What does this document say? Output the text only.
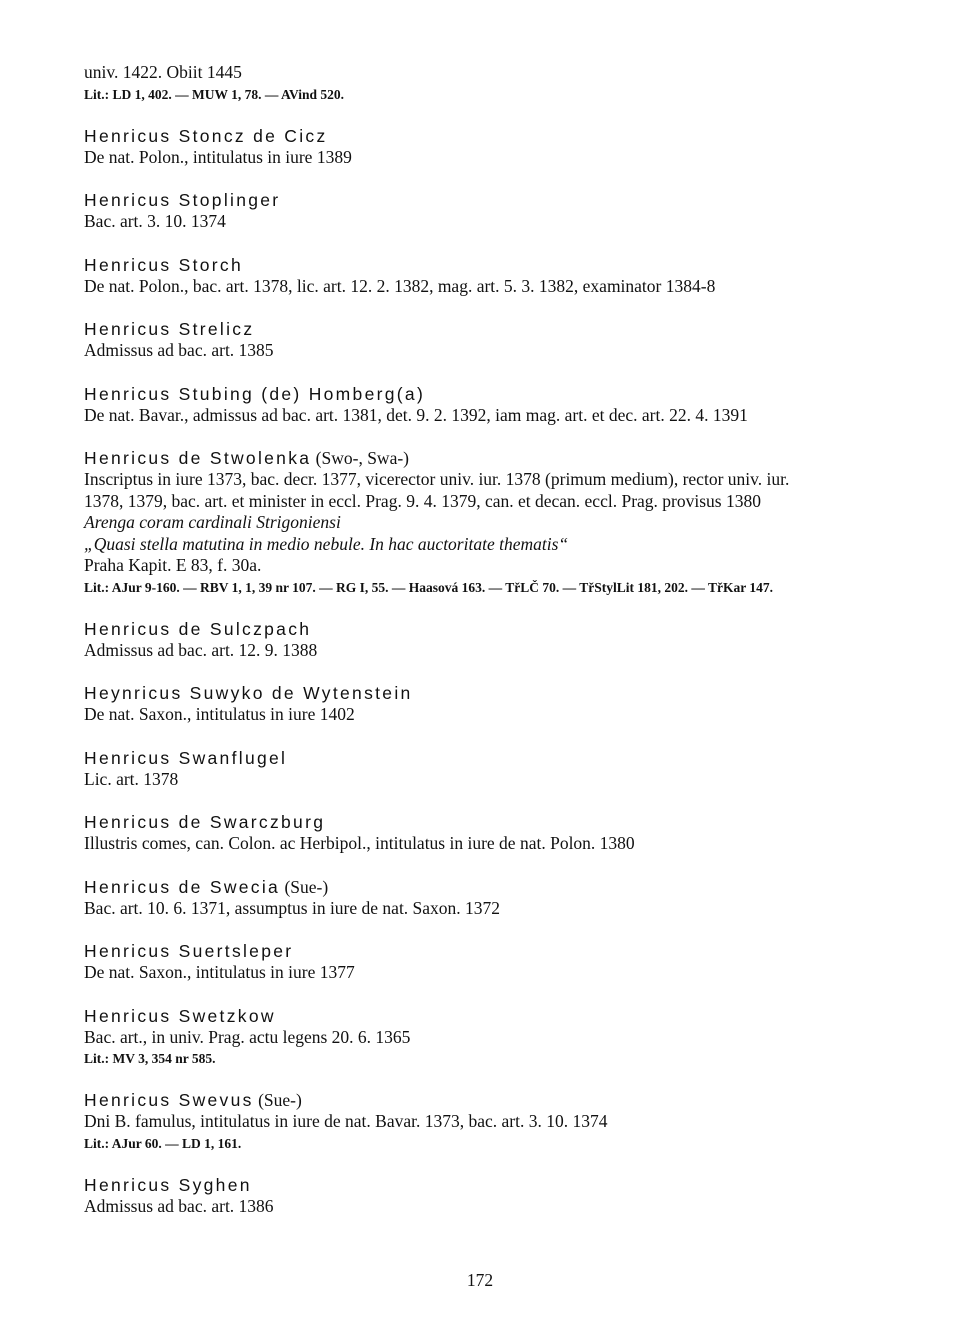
univ. 1422. Obiit 1445
Lit.: LD 1, 402. — MUW 1, 78. — AVind 520.
Henricus Stoncz de Cicz
De nat. Polon., intitulatus in iure 1389
Henricus Stoplinger
Bac. art. 3. 10. 1374
Henricus Storch
De nat. Polon., bac. art. 1378, lic. art. 12. 2. 1382, mag. art. 5. 3. 1382, examinator 1384-8
Henricus Strelicz
Admissus ad bac. art. 1385
Henricus Stubing (de) Homberg(a)
De nat. Bavar., admissus ad bac. art. 1381, det. 9. 2. 1392, iam mag. art. et dec. art. 22. 4. 1391
Henricus de Stwolenka (Swo-, Swa-)
Inscriptus in iure 1373, bac. decr. 1377, vicerector univ. iur. 1378 (primum medium), rector univ. iur.
1378, 1379, bac. art. et minister in eccl. Prag. 9. 4. 1379, can. et decan. eccl. Prag. provisus 1380
Arenga coram cardinali Strigoniensi
„Quasi stella matutina in medio nebule. In hac auctoritate thematis“
Praha Kapit. E 83, f. 30a.
Lit.: AJur 9-160. — RBV 1, 1, 39 nr 107. — RG I, 55. — Haasová 163. — TřLČ 70. — TřStylLit 181, 202. — TřKar 147.
Henricus de Sulczpach
Admissus ad bac. art. 12. 9. 1388
Heynricus Suwyko de Wytenstein
De nat. Saxon., intitulatus in iure 1402
Henricus Swanflugel
Lic. art. 1378
Henricus de Swarczburg
Illustris comes, can. Colon. ac Herbipol., intitulatus in iure de nat. Polon. 1380
Henricus de Swecia (Sue-)
Bac. art. 10. 6. 1371, assumptus in iure de nat. Saxon. 1372
Henricus Suertsleper
De nat. Saxon., intitulatus in iure 1377
Henricus Swetzkow
Bac. art., in univ. Prag. actu legens 20. 6. 1365
Lit.: MV 3, 354 nr 585.
Henricus Swevus (Sue-)
Dni B. famulus, intitulatus in iure de nat. Bavar. 1373, bac. art. 3. 10. 1374
Lit.: AJur 60. — LD 1, 161.
Henricus Syghen
Admissus ad bac. art. 1386
172
